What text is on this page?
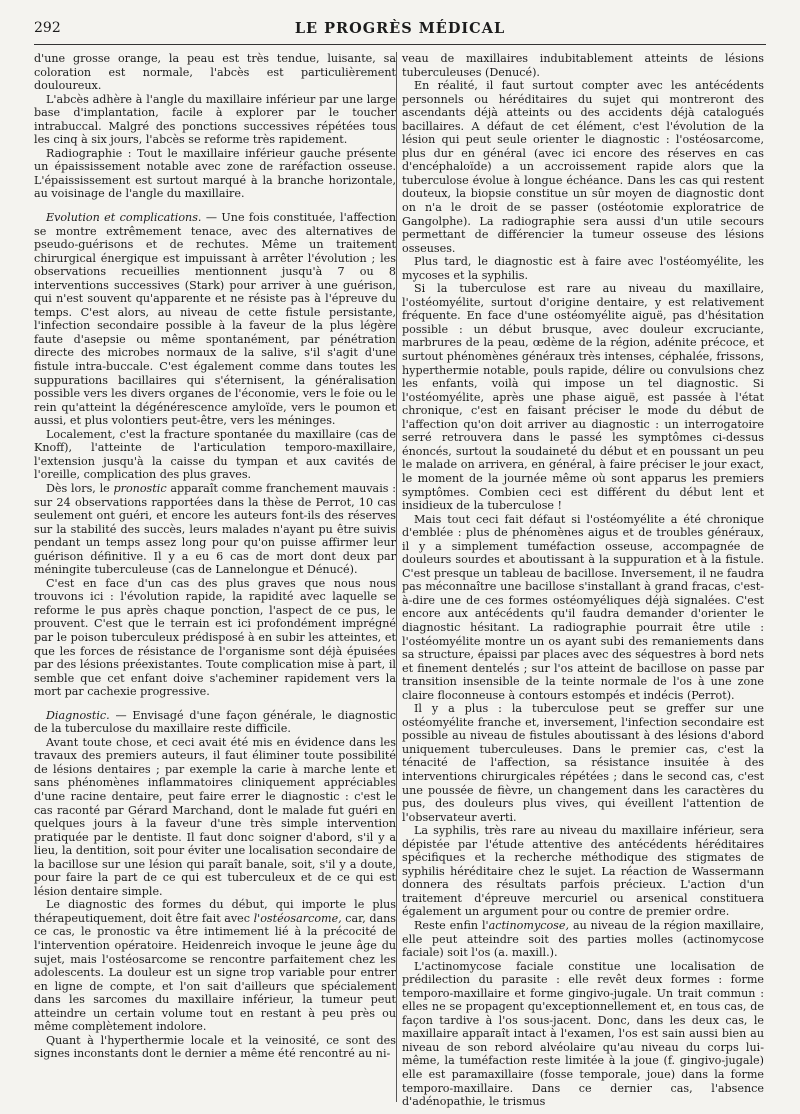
292	LE PROGRÈS MÉDICAL

d'une grosse orange, la peau est très tendue, luisante, sa coloration est normale, l'abcès est particulièrement douloureux.

L'abcès adhère à l'angle du maxillaire inférieur par une large base d'implantation, facile à explorer par le toucher intrabuccal. Malgré des ponctions successives répétées tous les cinq à six jours, l'abcès se reforme très rapidement.

Radiographie : Tout le maxillaire inférieur gauche présente un épaississement notable avec zone de raréfaction osseuse. L'épaississement est surtout marqué à la branche horizontale, au voisinage de l'angle du maxillaire.

Evolution et complications. — Une fois constituée, l'affection se montre extrêmement tenace, avec des alternatives de pseudo-guérisons et de rechutes. Même un traitement chirurgical énergique est impuissant à arrêter l'évolution ; les observations recueillies mentionnent jusqu'à 7 ou 8 interventions successives (Stark) pour arriver à une guérison, qui n'est souvent qu'apparente et ne résiste pas à l'épreuve du temps. C'est alors, au niveau de cette fistule persistante, l'infection secondaire possible à la faveur de la plus légère faute d'asepsie ou même spontanément, par pénétration directe des microbes normaux de la salive, s'il s'agit d'une fistule intra-buccale. C'est également comme dans toutes les suppurations bacillaires qui s'éternisent, la généralisation possible vers les divers organes de l'économie, vers le foie ou le rein qu'atteint la dégénérescence amyloïde, vers le poumon et aussi, et plus volontiers peut-être, vers les méninges.

Localement, c'est la fracture spontanée du maxillaire (cas de Knoff), l'atteinte de l'articulation temporo-maxillaire, l'extension jusqu'à la caisse du tympan et aux cavités de l'oreille, complication des plus graves.

Dès lors, le pronostic apparaît comme franchement mauvais : sur 24 observations rapportées dans la thèse de Perrot, 10 cas seulement ont guéri, et encore les auteurs font-ils des réserves sur la stabilité des succès, leurs malades n'ayant pu être suivis pendant un temps assez long pour qu'on puisse affirmer leur guérison définitive. Il y a eu 6 cas de mort dont deux par méningite tuberculeuse (cas de Lannelongue et Dénucé).

C'est en face d'un cas des plus graves que nous nous trouvons ici : l'évolution rapide, la rapidité avec laquelle se reforme le pus après chaque ponction, l'aspect de ce pus, le prouvent. C'est que le terrain est ici profondément imprégné par le poison tuberculeux prédisposé à en subir les atteintes, et que les forces de résistance de l'organisme sont déjà épuisées par des lésions préexistantes. Toute complication mise à part, il semble que cet enfant doive s'acheminer rapidement vers la mort par cachexie progressive.

Diagnostic. — Envisagé d'une façon générale, le diagnostic de la tuberculose du maxillaire reste difficile.

Avant toute chose, et ceci avait été mis en évidence dans les travaux des premiers auteurs, il faut éliminer toute possibilité de lésions dentaires ; par exemple la carie à marche lente et sans phénomènes inflammatoires cliniquement appréciables d'une racine dentaire, peut faire errer le diagnostic : c'est le cas raconté par Gérard Marchand, dont le malade fut guéri en quelques jours à la faveur d'une très simple intervention pratiquée par le dentiste. Il faut donc soigner d'abord, s'il y a lieu, la dentition, soit pour éviter une localisation secondaire de la bacillose sur une lésion qui paraît banale, soit, s'il y a doute, pour faire la part de ce qui est tuberculeux et de ce qui est lésion dentaire simple.

Le diagnostic des formes du début, qui importe le plus thérapeutiquement, doit être fait avec l'ostéosarcome, car, dans ce cas, le pronostic va être intimement lié à la précocité de l'intervention opératoire. Heidenreich invoque le jeune âge du sujet, mais l'ostéosarcome se rencontre parfaitement chez les adolescents. La douleur est un signe trop variable pour entrer en ligne de compte, et l'on sait d'ailleurs que spécialement dans les sarcomes du maxillaire inférieur, la tumeur peut atteindre un certain volume tout en restant à peu près ou même complètement indolore.

Quant à l'hyperthermie locale et la veinosité, ce sont des signes inconstants dont le dernier a même été rencontré au ni-

veau de maxillaires indubitablement atteints de lésions tuberculeuses (Denucé).

En réalité, il faut surtout compter avec les antécédents personnels ou héréditaires du sujet qui montreront des ascendants déjà atteints ou des accidents déjà catalogués bacillaires. A défaut de cet élément, c'est l'évolution de la lésion qui peut seule orienter le diagnostic : l'ostéosarcome, plus dur en général (avec ici encore des réserves en cas d'encéphaloïde) a un accroissement rapide alors que la tuberculose évolue à longue échéance. Dans les cas qui restent douteux, la biopsie constitue un sûr moyen de diagnostic dont on n'a le droit de se passer (ostéotomie exploratrice de Gangolphe). La radiographie sera aussi d'un utile secours permettant de différencier la tumeur osseuse des lésions osseuses.

Plus tard, le diagnostic est à faire avec l'ostéomyélite, les mycoses et la syphilis.

Si la tuberculose est rare au niveau du maxillaire, l'ostéomyélite, surtout d'origine dentaire, y est relativement fréquente. En face d'une ostéomyélite aiguë, pas d'hésitation possible : un début brusque, avec douleur excruciante, marbrures de la peau, œdème de la région, adénite précoce, et surtout phénomènes généraux très intenses, céphalée, frissons, hyperthermie notable, pouls rapide, délire ou convulsions chez les enfants, voilà qui impose un tel diagnostic. Si l'ostéomyélite, après une phase aiguë, est passée à l'état chronique, c'est en faisant préciser le mode du début de l'affection qu'on doit arriver au diagnostic : un interrogatoire serré retrouvera dans le passé les symptômes ci-dessus énoncés, surtout la soudaineté du début et en poussant un peu le malade on arrivera, en général, à faire préciser le jour exact, le moment de la journée même où sont apparus les premiers symptômes. Combien ceci est différent du début lent et insidieux de la tuberculose !

Mais tout ceci fait défaut si l'ostéomyélite a été chronique d'emblée : plus de phénomènes aigus et de troubles généraux, il y a simplement tuméfaction osseuse, accompagnée de douleurs sourdes et aboutissant à la suppuration et à la fistule. C'est presque un tableau de bacillose. Inversement, il ne faudra pas méconnaître une bacillose s'installant à grand fracas, c'est-à-dire une de ces formes ostéomyéliques déjà signalées. C'est encore aux antécédents qu'il faudra demander d'orienter le diagnostic hésitant. La radiographie pourrait être utile : l'ostéomyélite montre un os ayant subi des remaniements dans sa structure, épaissi par places avec des séquestres à bord nets et finement dentelés ; sur l'os atteint de bacillose on passe par transition insensible de la teinte normale de l'os à une zone claire floconneuse à contours estompés et indécis (Perrot).

Il y a plus : la tuberculose peut se greffer sur une ostéomyélite franche et, inversement, l'infection secondaire est possible au niveau de fistules aboutissant à des lésions d'abord uniquement tuberculeuses. Dans le premier cas, c'est la ténacité de l'affection, sa résistance insuitée à des interventions chirurgicales répétées ; dans le second cas, c'est une poussée de fièvre, un changement dans les caractères du pus, des douleurs plus vives, qui éveillent l'attention de l'observateur averti.

La syphilis, très rare au niveau du maxillaire inférieur, sera dépistée par l'étude attentive des antécédents héréditaires spécifiques et la recherche méthodique des stigmates de syphilis héréditaire chez le sujet. La réaction de Wassermann donnera des résultats parfois précieux. L'action d'un traitement d'épreuve mercuriel ou arsenical constituera également un argument pour ou contre de premier ordre.

Reste enfin l'actinomycose, au niveau de la région maxillaire, elle peut atteindre soit des parties molles (actinomycose faciale) soit l'os (a. maxill.).

L'actinomycose faciale constitue une localisation de prédilection du parasite : elle revêt deux formes : forme temporo-maxillaire et forme gingivo-jugale. Un trait commun : elles ne se propagent qu'exceptionnellement et, en tous cas, de façon tardive à l'os sous-jacent. Donc, dans les deux cas, le maxillaire apparaît intact à l'examen, l'os est sain aussi bien au niveau de son rebord alvéolaire qu'au niveau du corps lui-même, la tuméfaction reste limitée à la joue (f. gingivo-jugale) elle est paramaxillaire (fosse temporale, joue) dans la forme temporo-maxillaire. Dans ce dernier cas, l'absence d'adénopathie, le trismus
